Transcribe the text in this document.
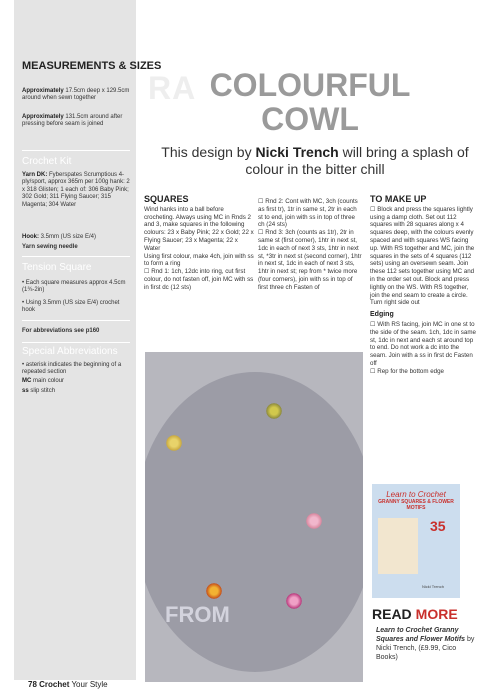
MEASUREMENTS & SIZES
Approximately 17.5cm deep x 129.5cm around when sewn together
Approximately 131.5cm around after pressing before seam is joined
Crochet Kit
Yarn DK: Fyberspates Scrumptious 4-ply/sport, approx 365m per 100g hank: 2 x 318 Glisten; 1 each of: 306 Baby Pink; 302 Gold; 311 Flying Saucer; 315 Magenta; 304 Water
Hook: 3.5mm (US size E/4)
Yarn sewing needle
Tension Square
• Each square measures approx 4.5cm (1¾-2in)
• Using 3.5mm (US size E/4) crochet hook
For abbreviations see p160
Special Abbreviations
• asterisk indicates the beginning of a repeated section
MC main colour
ss slip stitch
RA COLOURFUL
COWL
This design by Nicki Trench will bring a splash of colour in the bitter chill
SQUARES
Wind hanks into a ball before crocheting. Always using MC in Rnds 2 and 3, make squares in the following colours: 23 x Baby Pink; 22 x Gold; 22 x Flying Saucer; 23 x Magenta; 22 x Water
Using first colour, make 4ch, join with ss to form a ring
☐ Rnd 1: 1ch, 12dc into ring, cut first colour, do not fasten off, join MC with ss in first dc (12 sts)
☐ Rnd 2: Cont with MC, 3ch (counts as first tr), 1tr in same st, 2tr in each st to end, join with ss in top of three ch (24 sts)
☐ Rnd 3: 3ch (counts as 1tr), 2tr in same st (first corner), 1htr in next st, 1dc in each of next 3 sts, 1htr in next st, *3tr in next st (second corner), 1htr in next st, 1dc in each of next 3 sts, 1htr in next st; rep from * twice more (four corners), join with ss in top of first three ch Fasten of
TO MAKE UP
☐ Block and press the squares lightly using a damp cloth. Set out 112 squares with 28 squares along x 4 squares deep, with the colours evenly spaced and with squares WS facing up. With RS together and MC, join the squares in the sets of 4 squares (112 sets) using an oversewn seam. Join these 112 sets together using MC and in the order set out. Block and press lightly on the WS. With RS together, join the end seam to create a circle. Turn right side out
Edging
☐ With RS facing, join MC in one st to the side of the seam. 1ch, 1dc in same st, 1dc in next and each st around top to end. Do not work a dc into the seam. Join with a ss in first dc Fasten off
☐ Rep for the bottom edge
FROM
Learn to Crochet
GRANNY SQUARES & FLOWER MOTIFS
35
Nicki Trench
READ MORE
Learn to Crochet Granny Squares and Flower Motifs by Nicki Trench, (£9.99, Cico Books)
78 Crochet Your Style
